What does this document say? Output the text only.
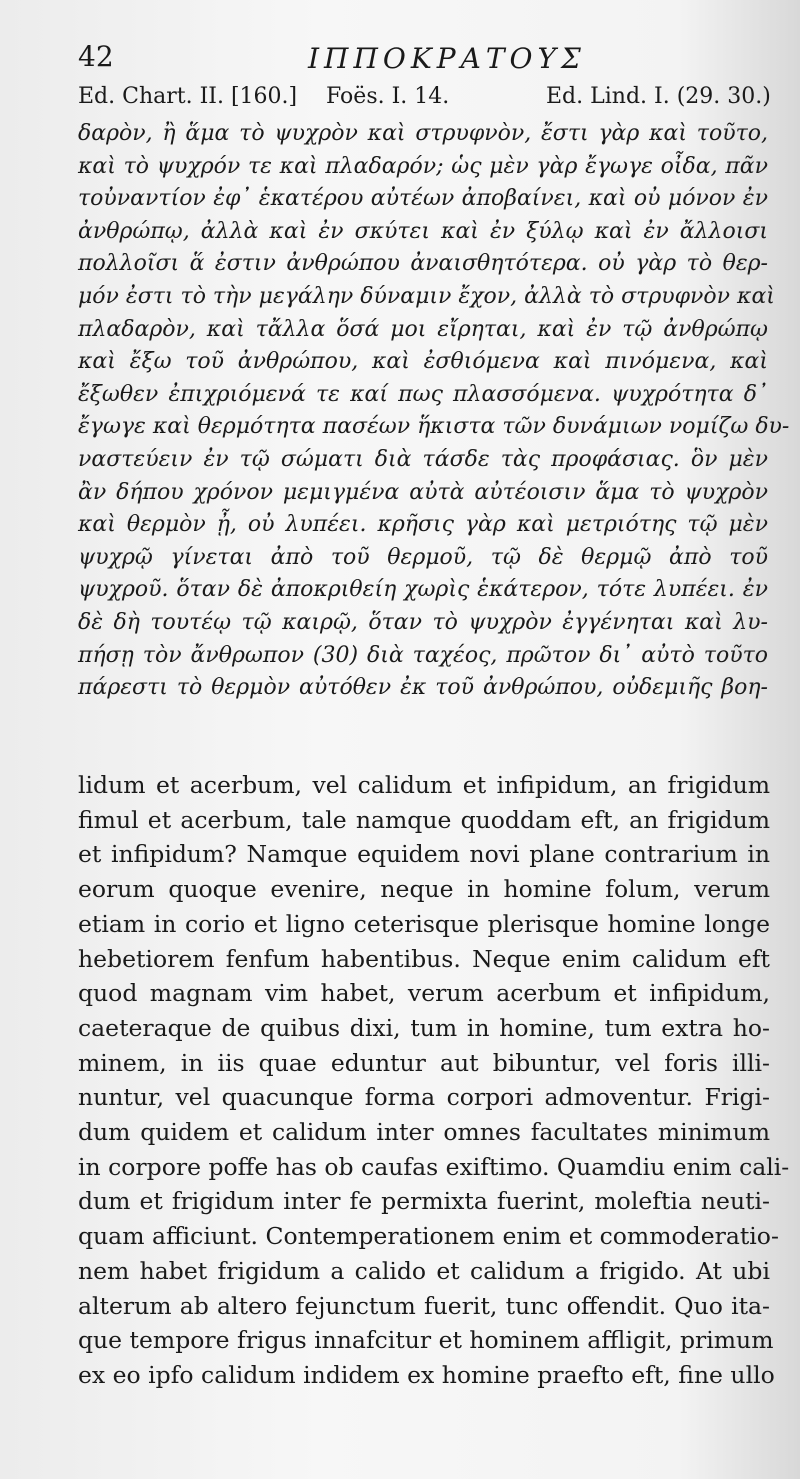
42	ΙΠΠΟΚΡΑΤΟΥΣ
Ed. Chart. II. [160.] Foës. I. 14.	Ed. Lind. I. (29. 30.)
δαρὸν, ἢ ἅμα τὸ ψυχρὸν καὶ στρυφνὸν, ἔστι γὰρ καὶ τοῦτο,
καὶ τὸ ψυχρόν τε καὶ πλαδαρόν; ὡς μὲν γὰρ ἔγωγε οἶδα, πᾶν
τοὐναντίον ἐφ᾿ ἑκατέρου αὐτέων ἀποβαίνει, καὶ οὐ μόνον ἐν
ἀνθρώπῳ, ἀλλὰ καὶ ἐν σκύτει καὶ ἐν ξύλῳ καὶ ἐν ἄλλοισι
πολλοῖσι ἅ ἐστιν ἀνθρώπου ἀναισθητότερα. οὐ γὰρ τὸ θερ-
μόν ἐστι τὸ τὴν μεγάλην δύναμιν ἔχον, ἀλλὰ τὸ στρυφνὸν καὶ
πλαδαρὸν, καὶ τἄλλα ὅσά μοι εἴρηται, καὶ ἐν τῷ ἀνθρώπῳ
καὶ ἔξω τοῦ ἀνθρώπου, καὶ ἐσθιόμενα καὶ πινόμενα, καὶ
ἔξωθεν ἐπιχριόμενά τε καί πως πλασσόμενα. ψυχρότητα δ᾿
ἔγωγε καὶ θερμότητα πασέων ἥκιστα τῶν δυνάμιων νομίζω δυ-
ναστεύειν ἐν τῷ σώματι διὰ τάσδε τὰς προφάσιας. ὃν μὲν
ἂν δήπου χρόνον μεμιγμένα αὐτὰ αὐτέοισιν ἅμα τὸ ψυχρὸν
καὶ θερμὸν ᾖ, οὐ λυπέει. κρῆσις γὰρ καὶ μετριότης τῷ μὲν
ψυχρῷ γίνεται ἀπὸ τοῦ θερμοῦ, τῷ δὲ θερμῷ ἀπὸ τοῦ
ψυχροῦ. ὅταν δὲ ἀποκριθείη χωρὶς ἑκάτερον, τότε λυπέει. ἐν
δὲ δὴ τουτέῳ τῷ καιρῷ, ὅταν τὸ ψυχρὸν ἐγγένηται καὶ λυ-
πήσῃ τὸν ἄνθρωπον (30) διὰ ταχέος, πρῶτον δι᾿ αὐτὸ τοῦτο
πάρεστι τὸ θερμὸν αὐτόθεν ἐκ τοῦ ἀνθρώπου, οὐδεμιῆς βοη-
lidum et acerbum, vel calidum et infipidum, an frigidum
fimul et acerbum, tale namque quoddam eft, an frigidum
et infipidum? Namque equidem novi plane contrarium in
eorum quoque evenire, neque in homine folum, verum
etiam in corio et ligno ceterisque plerisque homine longe
hebetiorem fenfum habentibus. Neque enim calidum eft
quod magnam vim habet, verum acerbum et infipidum,
caeteraque de quibus dixi, tum in homine, tum extra ho-
minem, in iis quae eduntur aut bibuntur, vel foris illi-
nuntur, vel quacunque forma corpori admoventur. Frigi-
dum quidem et calidum inter omnes facultates minimum
in corpore poffe has ob caufas exiftimo. Quamdiu enim cali-
dum et frigidum inter fe permixta fuerint, moleftia neuti-
quam afficiunt. Contemperationem enim et commoderatio-
nem habet frigidum a calido et calidum a frigido. At ubi
alterum ab altero fejunctum fuerit, tunc offendit. Quo ita-
que tempore frigus innafcitur et hominem affligit, primum
ex eo ipfo calidum indidem ex homine praefto eft, fine ullo
